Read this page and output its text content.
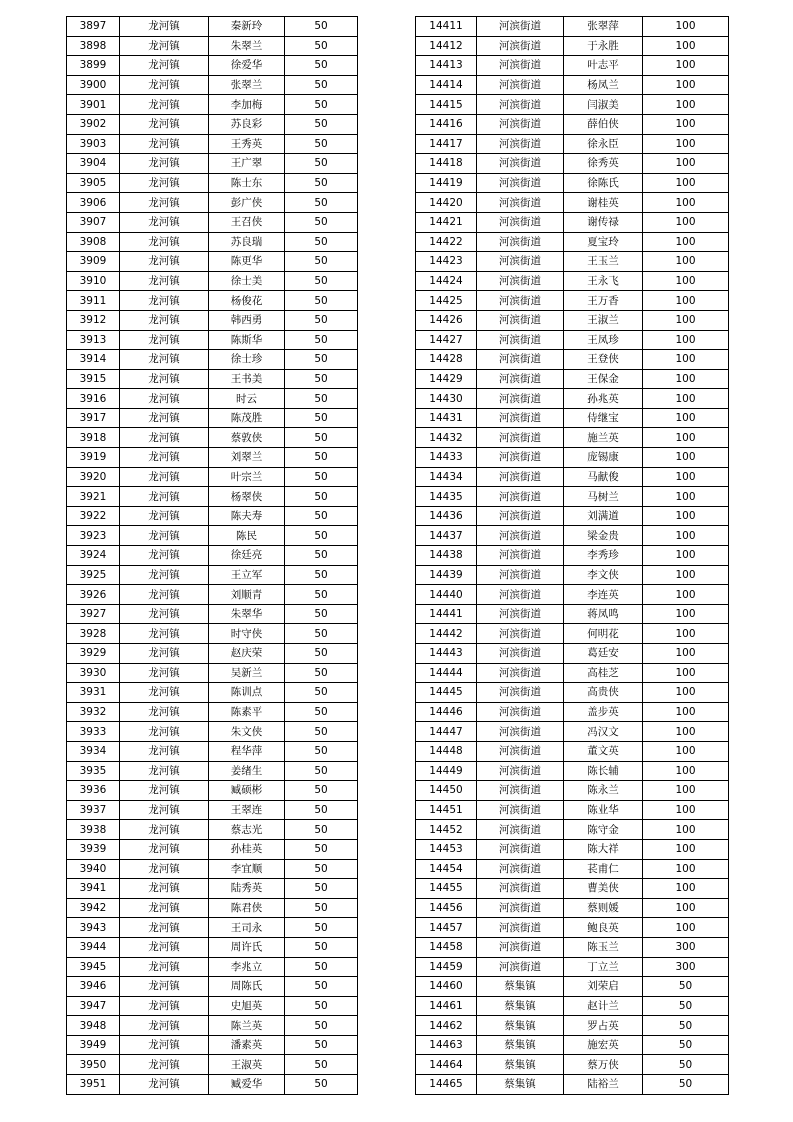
3897	龙河镇	秦新玲	50
3898	龙河镇	朱翠兰	50
3899	龙河镇	徐爱华	50
3900	龙河镇	张翠兰	50
3901	龙河镇	李加梅	50
3902	龙河镇	苏良彩	50
3903	龙河镇	王秀英	50
3904	龙河镇	王广翠	50
3905	龙河镇	陈士东	50
3906	龙河镇	彭广侠	50
3907	龙河镇	王召侠	50
3908	龙河镇	苏良瑞	50
3909	龙河镇	陈更华	50
3910	龙河镇	徐士美	50
3911	龙河镇	杨俊花	50
3912	龙河镇	韩西勇	50
3913	龙河镇	陈斯华	50
3914	龙河镇	徐士珍	50
3915	龙河镇	王书美	50
3916	龙河镇	时云	50
3917	龙河镇	陈茂胜	50
3918	龙河镇	蔡敦侠	50
3919	龙河镇	刘翠兰	50
3920	龙河镇	叶宗兰	50
3921	龙河镇	杨翠侠	50
3922	龙河镇	陈夫寿	50
3923	龙河镇	陈民	50
3924	龙河镇	徐廷亮	50
3925	龙河镇	王立军	50
3926	龙河镇	刘顺青	50
3927	龙河镇	朱翠华	50
3928	龙河镇	时守侠	50
3929	龙河镇	赵庆荣	50
3930	龙河镇	吴新兰	50
3931	龙河镇	陈训点	50
3932	龙河镇	陈素平	50
3933	龙河镇	朱文侠	50
3934	龙河镇	程华萍	50
3935	龙河镇	姜绪生	50
3936	龙河镇	臧硕彬	50
3937	龙河镇	王翠连	50
3938	龙河镇	蔡志光	50
3939	龙河镇	孙桂英	50
3940	龙河镇	李宜顺	50
3941	龙河镇	陆秀英	50
3942	龙河镇	陈君侠	50
3943	龙河镇	王司永	50
3944	龙河镇	周许氏	50
3945	龙河镇	李兆立	50
3946	龙河镇	周陈氏	50
3947	龙河镇	史旭英	50
3948	龙河镇	陈兰英	50
3949	龙河镇	潘素英	50
3950	龙河镇	王淑英	50
3951	龙河镇	臧爱华	50
14411	河滨街道	张翠萍	100
14412	河滨街道	于永胜	100
14413	河滨街道	叶志平	100
14414	河滨街道	杨凤兰	100
14415	河滨街道	闫淑美	100
14416	河滨街道	薛伯侠	100
14417	河滨街道	徐永臣	100
14418	河滨街道	徐秀英	100
14419	河滨街道	徐陈氏	100
14420	河滨街道	谢桂英	100
14421	河滨街道	谢传禄	100
14422	河滨街道	夏宝玲	100
14423	河滨街道	王玉兰	100
14424	河滨街道	王永飞	100
14425	河滨街道	王万香	100
14426	河滨街道	王淑兰	100
14427	河滨街道	王凤珍	100
14428	河滨街道	王登侠	100
14429	河滨街道	王保金	100
14430	河滨街道	孙兆英	100
14431	河滨街道	侍继宝	100
14432	河滨街道	施兰英	100
14433	河滨街道	庞锡康	100
14434	河滨街道	马献俊	100
14435	河滨街道	马树兰	100
14436	河滨街道	刘满道	100
14437	河滨街道	梁金贵	100
14438	河滨街道	李秀珍	100
14439	河滨街道	李文侠	100
14440	河滨街道	李连英	100
14441	河滨街道	蒋凤鸣	100
14442	河滨街道	何明花	100
14443	河滨街道	葛廷安	100
14444	河滨街道	高桂芝	100
14445	河滨街道	高贵侠	100
14446	河滨街道	盖步英	100
14447	河滨街道	冯汉文	100
14448	河滨街道	董文英	100
14449	河滨街道	陈长辅	100
14450	河滨街道	陈永兰	100
14451	河滨街道	陈业华	100
14452	河滨街道	陈守金	100
14453	河滨街道	陈大祥	100
14454	河滨街道	苌甫仁	100
14455	河滨街道	曹美侠	100
14456	河滨街道	蔡则媛	100
14457	河滨街道	鲍良英	100
14458	河滨街道	陈玉兰	300
14459	河滨街道	丁立兰	300
14460	蔡集镇	刘荣启	50
14461	蔡集镇	赵计兰	50
14462	蔡集镇	罗占英	50
14463	蔡集镇	施宏英	50
14464	蔡集镇	蔡万侠	50
14465	蔡集镇	陆裕兰	50
